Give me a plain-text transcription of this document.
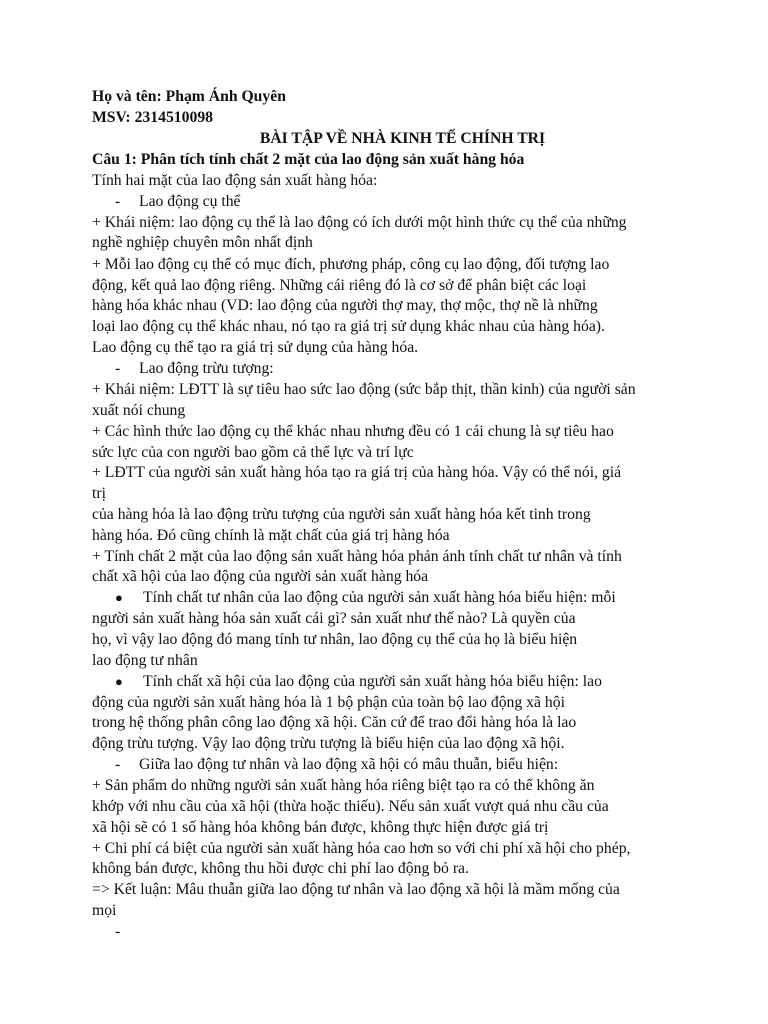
Họ và tên: Phạm Ánh Quyên
MSV: 2314510098
BÀI TẬP VỀ NHÀ KINH TẾ CHÍNH TRỊ
Câu 1: Phân tích tính chất 2 mặt của lao động sản xuất hàng hóa
Tính hai mặt của lao động sản xuất hàng hóa:
- Lao động cụ thể
+ Khái niệm: lao động cụ thể là lao động có ích dưới một hình thức cụ thể của những
nghề nghiệp chuyên môn nhất định
+ Mỗi lao động cụ thể có mục đích, phương pháp, công cụ lao động, đối tượng lao
động, kết quả lao động riêng. Những cái riêng đó là cơ sở để phân biệt các loại
hàng hóa khác nhau (VD: lao động của người thợ may, thợ mộc, thợ nề là những
loại lao động cụ thể khác nhau, nó tạo ra giá trị sử dụng khác nhau của hàng hóa).
Lao động cụ thể tạo ra giá trị sử dụng của hàng hóa.
- Lao động trừu tượng:
+ Khái niệm: LĐTT là sự tiêu hao sức lao động (sức bắp thịt, thần kinh) của người sản
xuất nói chung
+ Các hình thức lao động cụ thể khác nhau nhưng đều có 1 cái chung là sự tiêu hao
sức lực của con người bao gồm cả thể lực và trí lực
+ LĐTT của người sản xuất hàng hóa tạo ra giá trị của hàng hóa. Vậy có thể nói, giá
trị
của hàng hóa là lao động trừu tượng của người sản xuất hàng hóa kết tinh trong
hàng hóa. Đó cũng chính là mặt chất của giá trị hàng hóa
+ Tính chất 2 mặt của lao động sản xuất hàng hóa phản ánh tính chất tư nhân và tính
chất xã hội của lao động của người sản xuất hàng hóa
● Tính chất tư nhân của lao động của người sản xuất hàng hóa biểu hiện: mỗi
người sản xuất hàng hóa sản xuất cái gì? sản xuất như thế nào? Là quyền của
họ, vì vậy lao động đó mang tính tư nhân, lao động cụ thể của họ là biểu hiện
lao động tư nhân
● Tính chất xã hội của lao động của người sản xuất hàng hóa biểu hiện: lao
động của người sản xuất hàng hóa là 1 bộ phận của toàn bộ lao động xã hội
trong hệ thống phân công lao động xã hội. Căn cứ để trao đổi hàng hóa là lao
động trừu tượng. Vậy lao động trừu tượng là biểu hiện của lao động xã hội.
- Giữa lao động tư nhân và lao động xã hội có mâu thuẫn, biểu hiện:
+ Sản phẩm do những người sản xuất hàng hóa riêng biệt tạo ra có thể không ăn
khớp với nhu cầu của xã hội (thừa hoặc thiếu). Nếu sản xuất vượt quá nhu cầu của
xã hội sẽ có 1 số hàng hóa không bán được, không thực hiện được giá trị
+ Chi phí cá biệt của người sản xuất hàng hóa cao hơn so với chi phí xã hội cho phép,
không bán được, không thu hồi được chi phí lao động bỏ ra.
=> Kết luận: Mâu thuẫn giữa lao động tư nhân và lao động xã hội là mầm mống của
mọi
-
